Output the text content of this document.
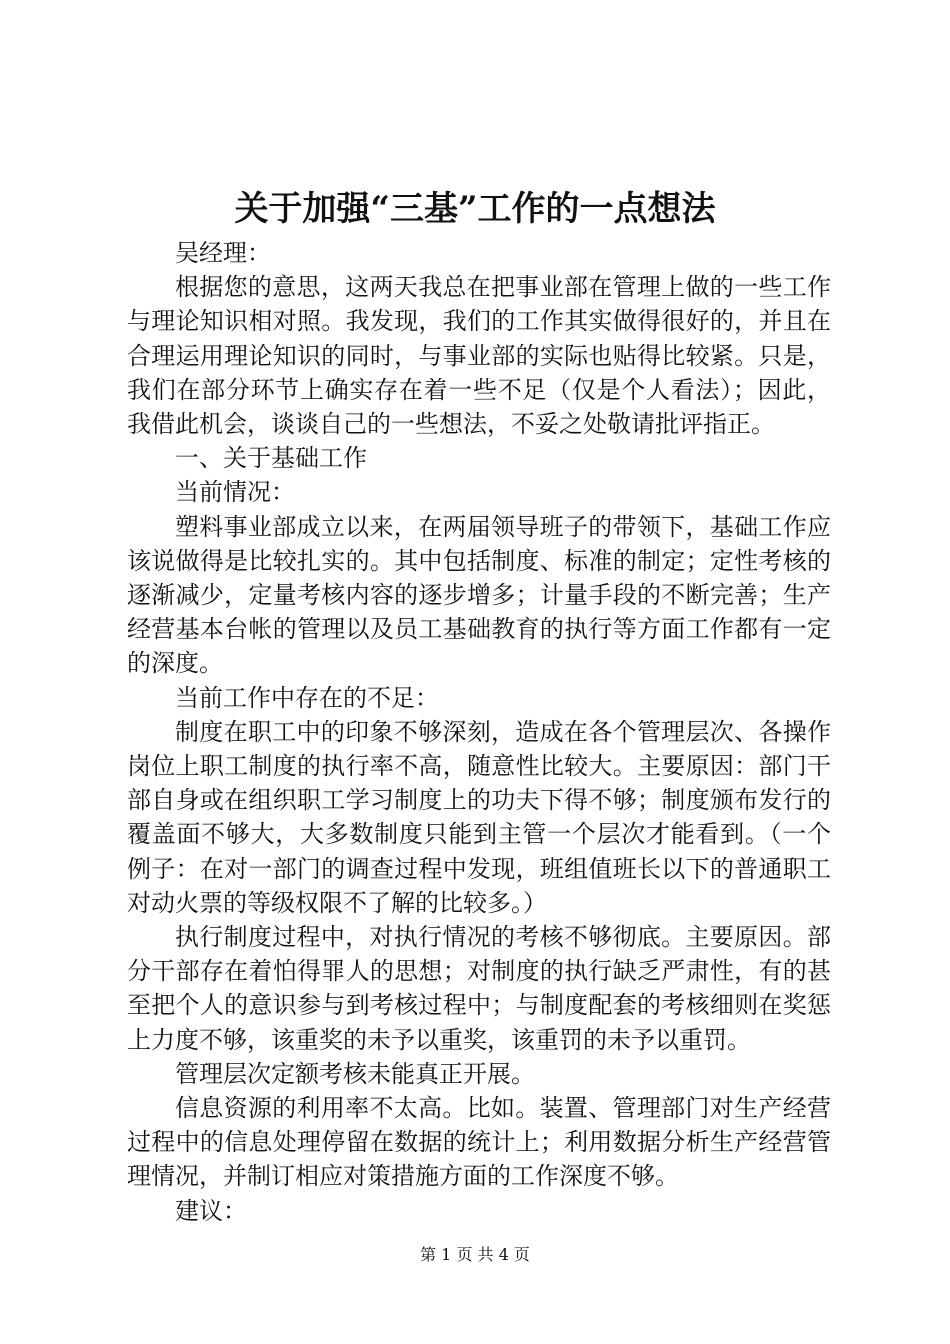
关于加强“三基”工作的一点想法

吴经理：

根据您的意思，这两天我总在把事业部在管理上做的一些工作与理论知识相对照。我发现，我们的工作其实做得很好的，并且在合理运用理论知识的同时，与事业部的实际也贴得比较紧。只是，我们在部分环节上确实存在着一些不足（仅是个人看法）；因此，我借此机会，谈谈自己的一些想法，不妥之处敬请批评指正。

一、关于基础工作

当前情况：

塑料事业部成立以来，在两届领导班子的带领下，基础工作应该说做得是比较扎实的。其中包括制度、标准的制定；定性考核的逐渐减少，定量考核内容的逐步增多；计量手段的不断完善；生产经营基本台帐的管理以及员工基础教育的执行等方面工作都有一定的深度。

当前工作中存在的不足：

制度在职工中的印象不够深刻，造成在各个管理层次、各操作岗位上职工制度的执行率不高，随意性比较大。主要原因：部门干部自身或在组织职工学习制度上的功夫下得不够；制度颁布发行的覆盖面不够大，大多数制度只能到主管一个层次才能看到。（一个例子：在对一部门的调查过程中发现，班组值班长以下的普通职工对动火票的等级权限不了解的比较多。）

执行制度过程中，对执行情况的考核不够彻底。主要原因。部分干部存在着怕得罪人的思想；对制度的执行缺乏严肃性，有的甚至把个人的意识参与到考核过程中；与制度配套的考核细则在奖惩上力度不够，该重奖的未予以重奖，该重罚的未予以重罚。

管理层次定额考核未能真正开展。

信息资源的利用率不太高。比如。装置、管理部门对生产经营过程中的信息处理停留在数据的统计上；利用数据分析生产经营管理情况，并制订相应对策措施方面的工作深度不够。

建议：

第 1 页 共 4 页
